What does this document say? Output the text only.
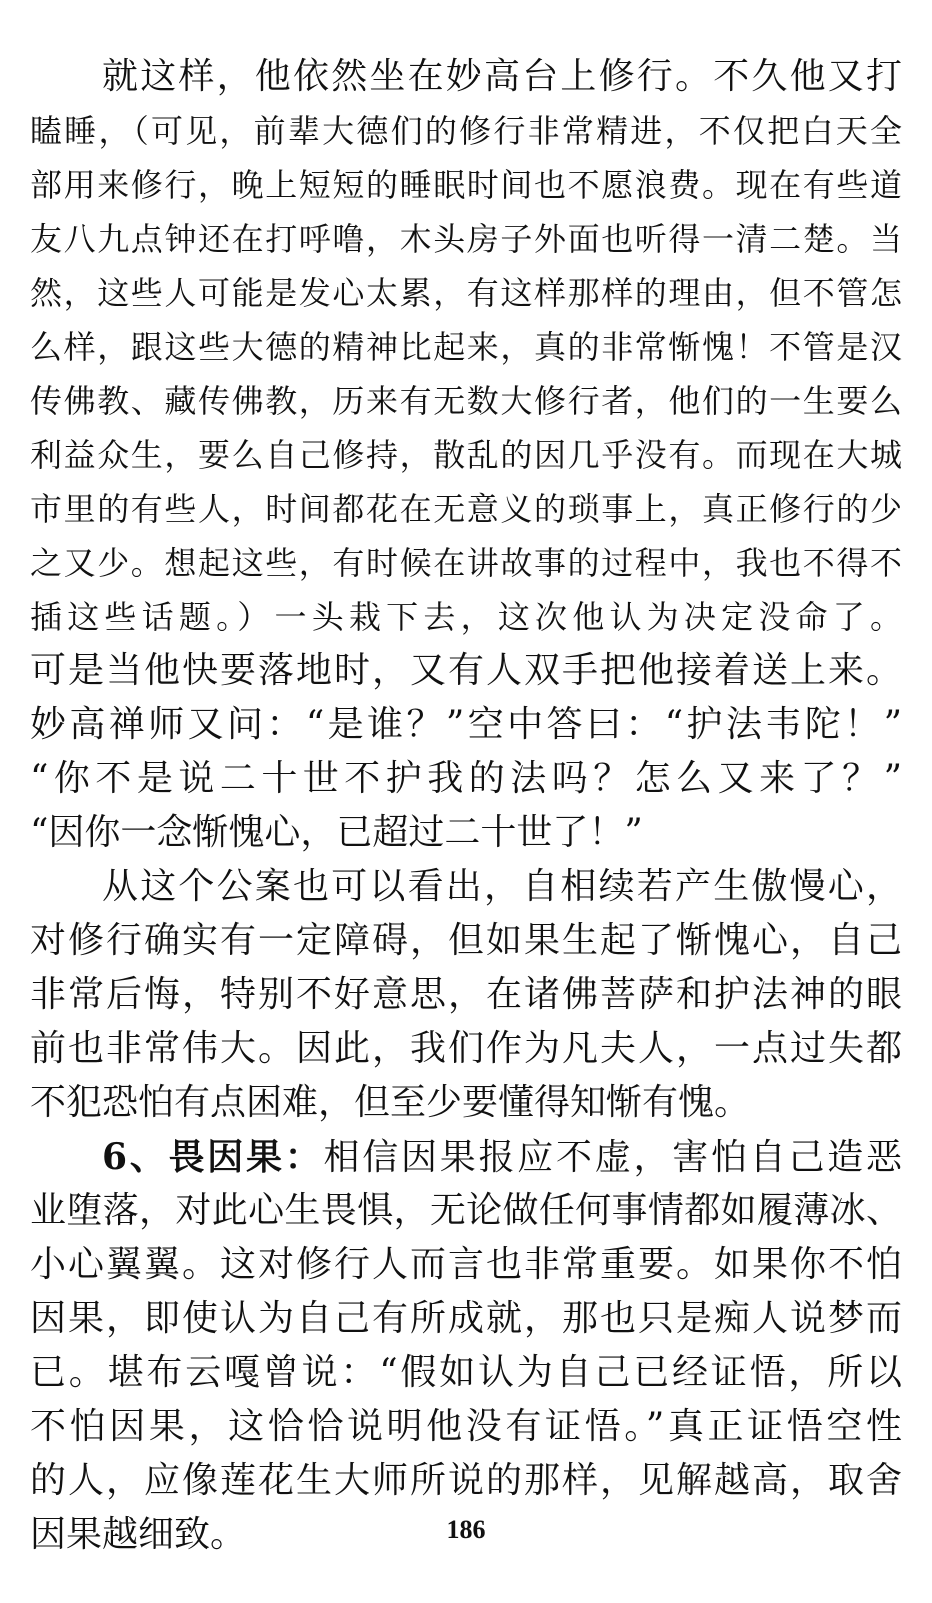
就这样，他依然坐在妙高台上修行。不久他又打
瞌睡，（可见，前辈大德们的修行非常精进，不仅把白天全
部用来修行，晚上短短的睡眠时间也不愿浪费。现在有些道
友八九点钟还在打呼噜，木头房子外面也听得一清二楚。当
然，这些人可能是发心太累，有这样那样的理由，但不管怎
么样，跟这些大德的精神比起来，真的非常惭愧！不管是汉
传佛教、藏传佛教，历来有无数大修行者，他们的一生要么
利益众生，要么自己修持，散乱的因几乎没有。而现在大城
市里的有些人，时间都花在无意义的琐事上，真正修行的少
之又少。想起这些，有时候在讲故事的过程中，我也不得不
插这些话题。）一头栽下去，这次他认为决定没命了。
可是当他快要落地时，又有人双手把他接着送上来。
妙高禅师又问：“是谁？”空中答曰：“护法韦陀！”
“你不是说二十世不护我的法吗？怎么又来了？”
“因你一念惭愧心，已超过二十世了！”
从这个公案也可以看出，自相续若产生傲慢心，
对修行确实有一定障碍，但如果生起了惭愧心，自己
非常后悔，特别不好意思，在诸佛菩萨和护法神的眼
前也非常伟大。因此，我们作为凡夫人，一点过失都
不犯恐怕有点困难，但至少要懂得知惭有愧。
6、畏因果：相信因果报应不虚，害怕自己造恶
业堕落，对此心生畏惧，无论做任何事情都如履薄冰、
小心翼翼。这对修行人而言也非常重要。如果你不怕
因果，即使认为自己有所成就，那也只是痴人说梦而
已。堪布云嘎曾说：“假如认为自己已经证悟，所以
不怕因果，这恰恰说明他没有证悟。”真正证悟空性
的人，应像莲花生大师所说的那样，见解越高，取舍
因果越细致。	186
